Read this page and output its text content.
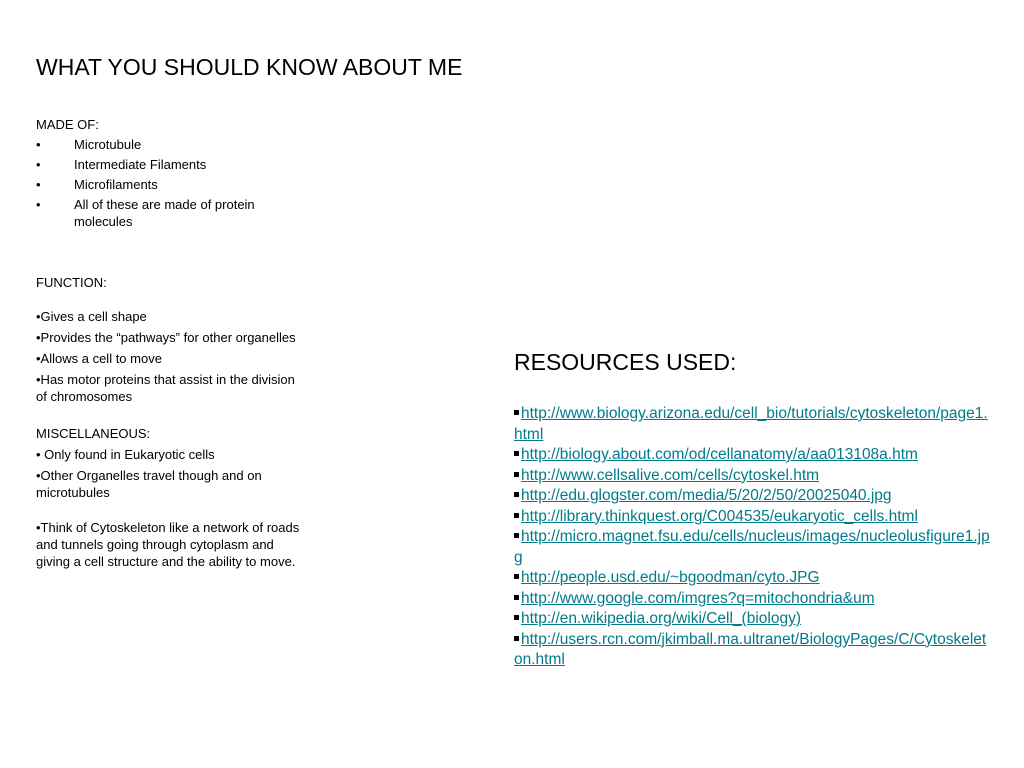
WHAT YOU SHOULD KNOW ABOUT ME
MADE OF:
•	Microtubule
•	Intermediate Filaments
•	Microfilaments
•	All of these are made of protein molecules
FUNCTION:
•Gives a cell shape
•Provides the “pathways” for other organelles
•Allows a cell to move
•Has motor proteins that assist in the division of chromosomes
MISCELLANEOUS:
• Only found in Eukaryotic cells
•Other Organelles travel though and on microtubules
•Think of Cytoskeleton like a network of roads and tunnels going through cytoplasm and giving a cell structure and the ability to move.
RESOURCES USED:
http://www.biology.arizona.edu/cell_bio/tutorials/cytoskeleton/page1.html
http://biology.about.com/od/cellanatomy/a/aa013108a.htm
http://www.cellsalive.com/cells/cytoskel.htm
http://edu.glogster.com/media/5/20/2/50/20025040.jpg
http://library.thinkquest.org/C004535/eukaryotic_cells.html
http://micro.magnet.fsu.edu/cells/nucleus/images/nucleolusfigure1.jpg
http://people.usd.edu/~bgoodman/cyto.JPG
http://www.google.com/imgres?q=mitochondria&um
http://en.wikipedia.org/wiki/Cell_(biology)
http://users.rcn.com/jkimball.ma.ultranet/BiologyPages/C/Cytoskeleton.html
